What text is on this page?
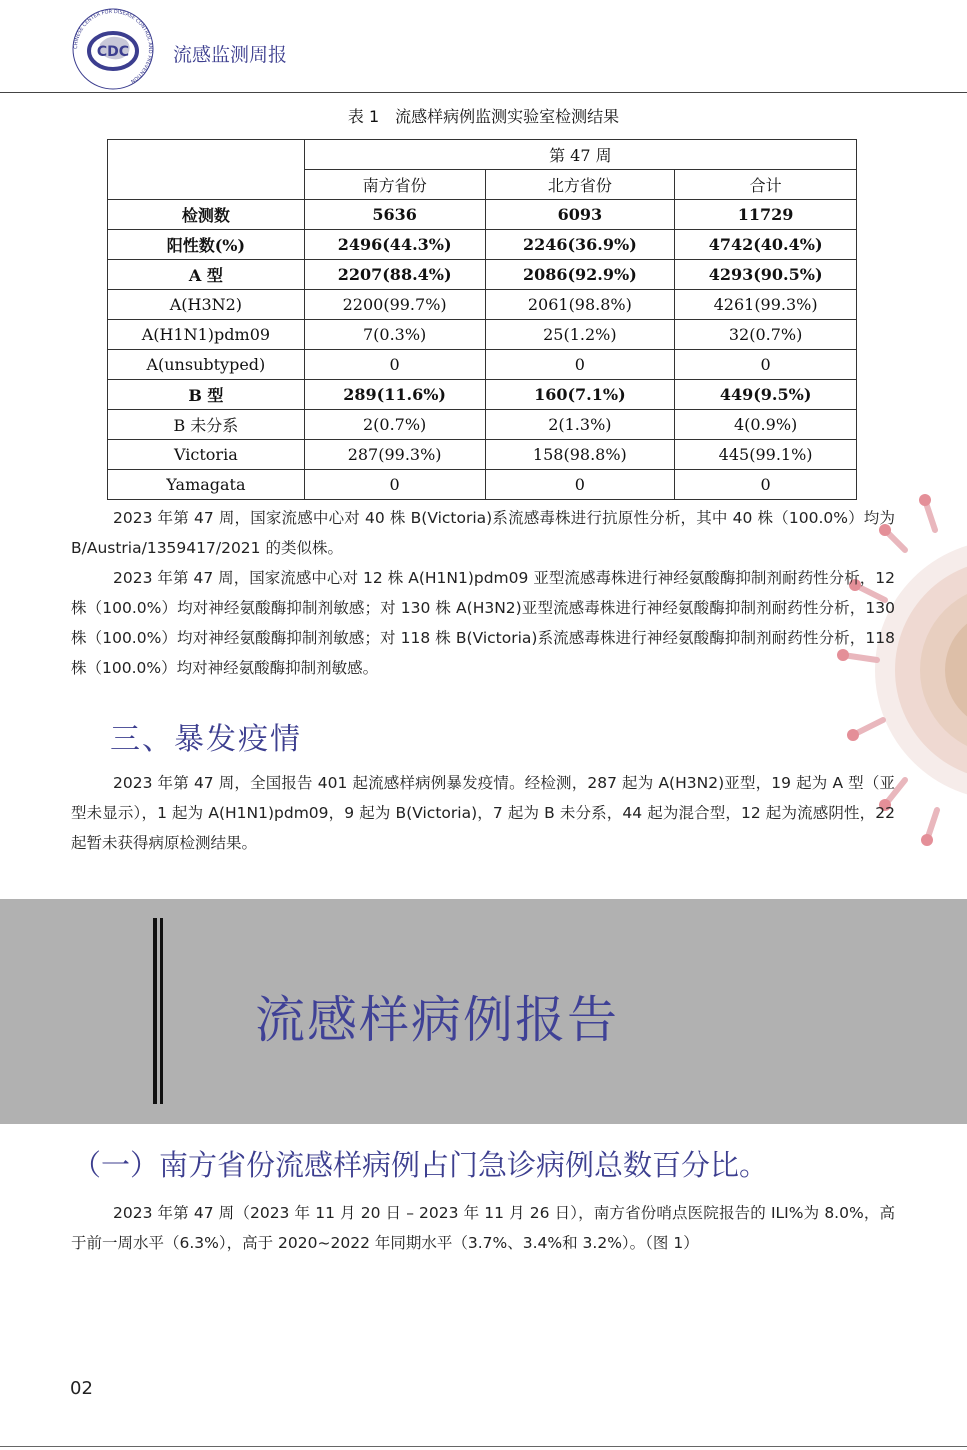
CHINESE CENTER FOR DISEASE CONTROL AND PREVENTION
CDC 流感监测周报
表 1　流感样病例监测实验室检测结果
	第 47 周		
	南方省份	北方省份	合计
检测数	5636	6093	11729
阳性数(%)	2496(44.3%)	2246(36.9%)	4742(40.4%)
A 型	2207(88.4%)	2086(92.9%)	4293(90.5%)
A(H3N2)	2200(99.7%)	2061(98.8%)	4261(99.3%)
A(H1N1)pdm09	7(0.3%)	25(1.2%)	32(0.7%)
A(unsubtyped)	0	0	0
B 型	289(11.6%)	160(7.1%)	449(9.5%)
B 未分系	2(0.7%)	2(1.3%)	4(0.9%)
Victoria	287(99.3%)	158(98.8%)	445(99.1%)
Yamagata	0	0	0
2023 年第 47 周，国家流感中心对 40 株 B(Victoria)系流感毒株进行抗原性分析，其中 40 株（100.0%）均为 B/Austria/1359417/2021 的类似株。
2023 年第 47 周，国家流感中心对 12 株 A(H1N1)pdm09 亚型流感毒株进行神经氨酸酶抑制剂耐药性分析，12 株（100.0%）均对神经氨酸酶抑制剂敏感；对 130 株 A(H3N2)亚型流感毒株进行神经氨酸酶抑制剂耐药性分析，130 株（100.0%）均对神经氨酸酶抑制剂敏感；对 118 株 B(Victoria)系流感毒株进行神经氨酸酶抑制剂耐药性分析，118 株（100.0%）均对神经氨酸酶抑制剂敏感。
三、暴发疫情
2023 年第 47 周，全国报告 401 起流感样病例暴发疫情。经检测，287 起为 A(H3N2)亚型，19 起为 A 型（亚型未显示），1 起为 A(H1N1)pdm09，9 起为 B(Victoria)，7 起为 B 未分系，44 起为混合型，12 起为流感阴性，22 起暂未获得病原检测结果。
流感样病例报告
（一）南方省份流感样病例占门急诊病例总数百分比。
2023 年第 47 周（2023 年 11 月 20 日 – 2023 年 11 月 26 日），南方省份哨点医院报告的 ILI%为 8.0%，高于前一周水平（6.3%），高于 2020~2022 年同期水平（3.7%、3.4%和 3.2%）。（图 1）
02
